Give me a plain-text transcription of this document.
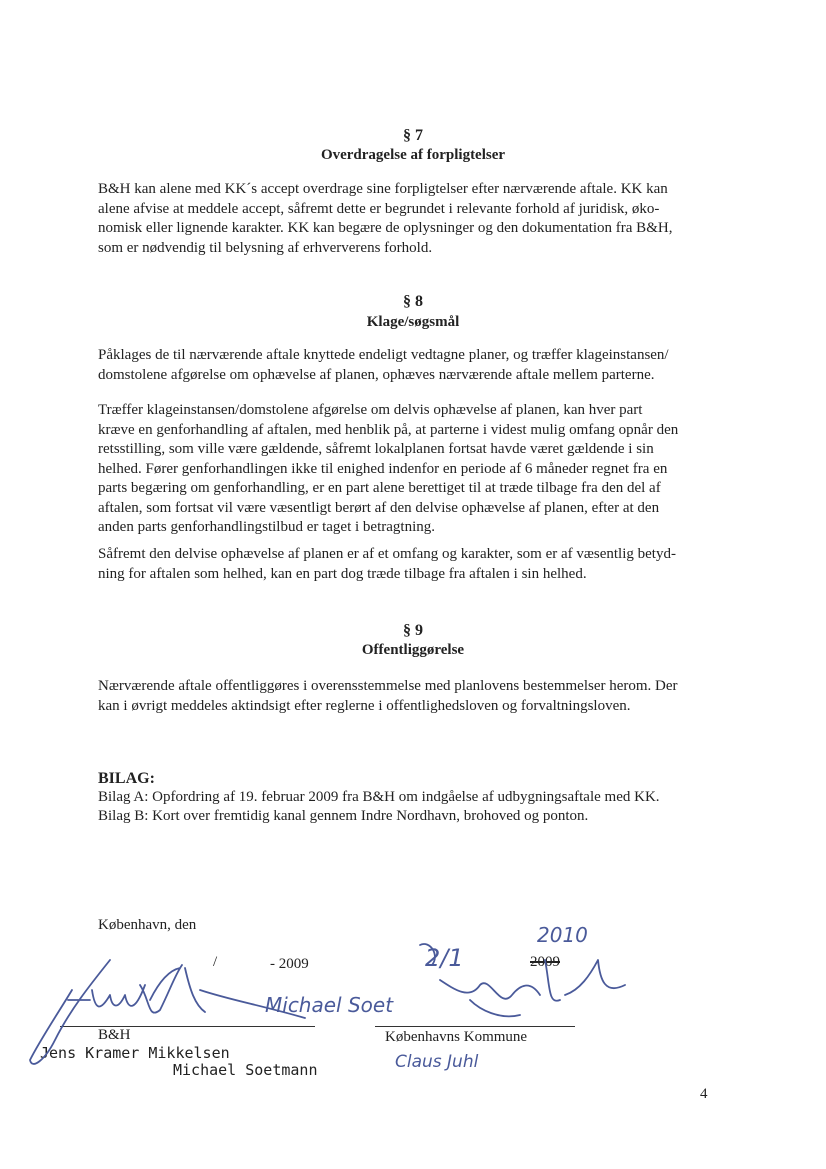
§ 7
Overdragelse af forpligtelser

B&H kan alene med KK´s accept overdrage sine forpligtelser efter nærværende aftale. KK kan
alene afvise at meddele accept, såfremt dette er begrundet i relevante forhold af juridisk, øko-
nomisk eller lignende karakter. KK kan begære de oplysninger og den dokumentation fra B&H,
som er nødvendig til belysning af erhververens forhold.

§ 8
Klage/søgsmål

Påklages de til nærværende aftale knyttede endeligt vedtagne planer, og træffer klageinstansen/
domstolene afgørelse om ophævelse af planen, ophæves nærværende aftale mellem parterne.

Træffer klageinstansen/domstolene afgørelse om delvis ophævelse af planen, kan hver part
kræve en genforhandling af aftalen, med henblik på, at parterne i videst mulig omfang opnår den
retsstilling, som ville være gældende, såfremt lokalplanen fortsat havde været gældende i sin
helhed. Fører genforhandlingen ikke til enighed indenfor en periode af 6 måneder regnet fra en
parts begæring om genforhandling, er en part alene berettiget til at træde tilbage fra den del af
aftalen, som fortsat vil være væsentligt berørt af den delvise ophævelse af planen, efter at den
anden parts genforhandlingstilbud er taget i betragtning.

Såfremt den delvise ophævelse af planen er af et omfang og karakter, som er af væsentlig betyd-
ning for aftalen som helhed, kan en part dog træde tilbage fra aftalen i sin helhed.

§ 9
Offentliggørelse

Nærværende aftale offentliggøres i overensstemmelse med planlovens bestemmelser herom. Der
kan i øvrigt meddeles aktindsigt efter reglerne i offentlighedsloven og forvaltningsloven.

BILAG:
Bilag A: Opfordring af 19. februar 2009 fra B&H om indgåelse af udbygningsaftale med KK.
Bilag B: Kort over fremtidig kanal gennem Indre Nordhavn, brohoved og ponton.
København, den
/	- 2009
B&H	Københavns Kommune
Jens Kramer Mikkelsen
Michael Soetmann
Michael Soet
2/1
2010
2009
Claus Juhl
4
